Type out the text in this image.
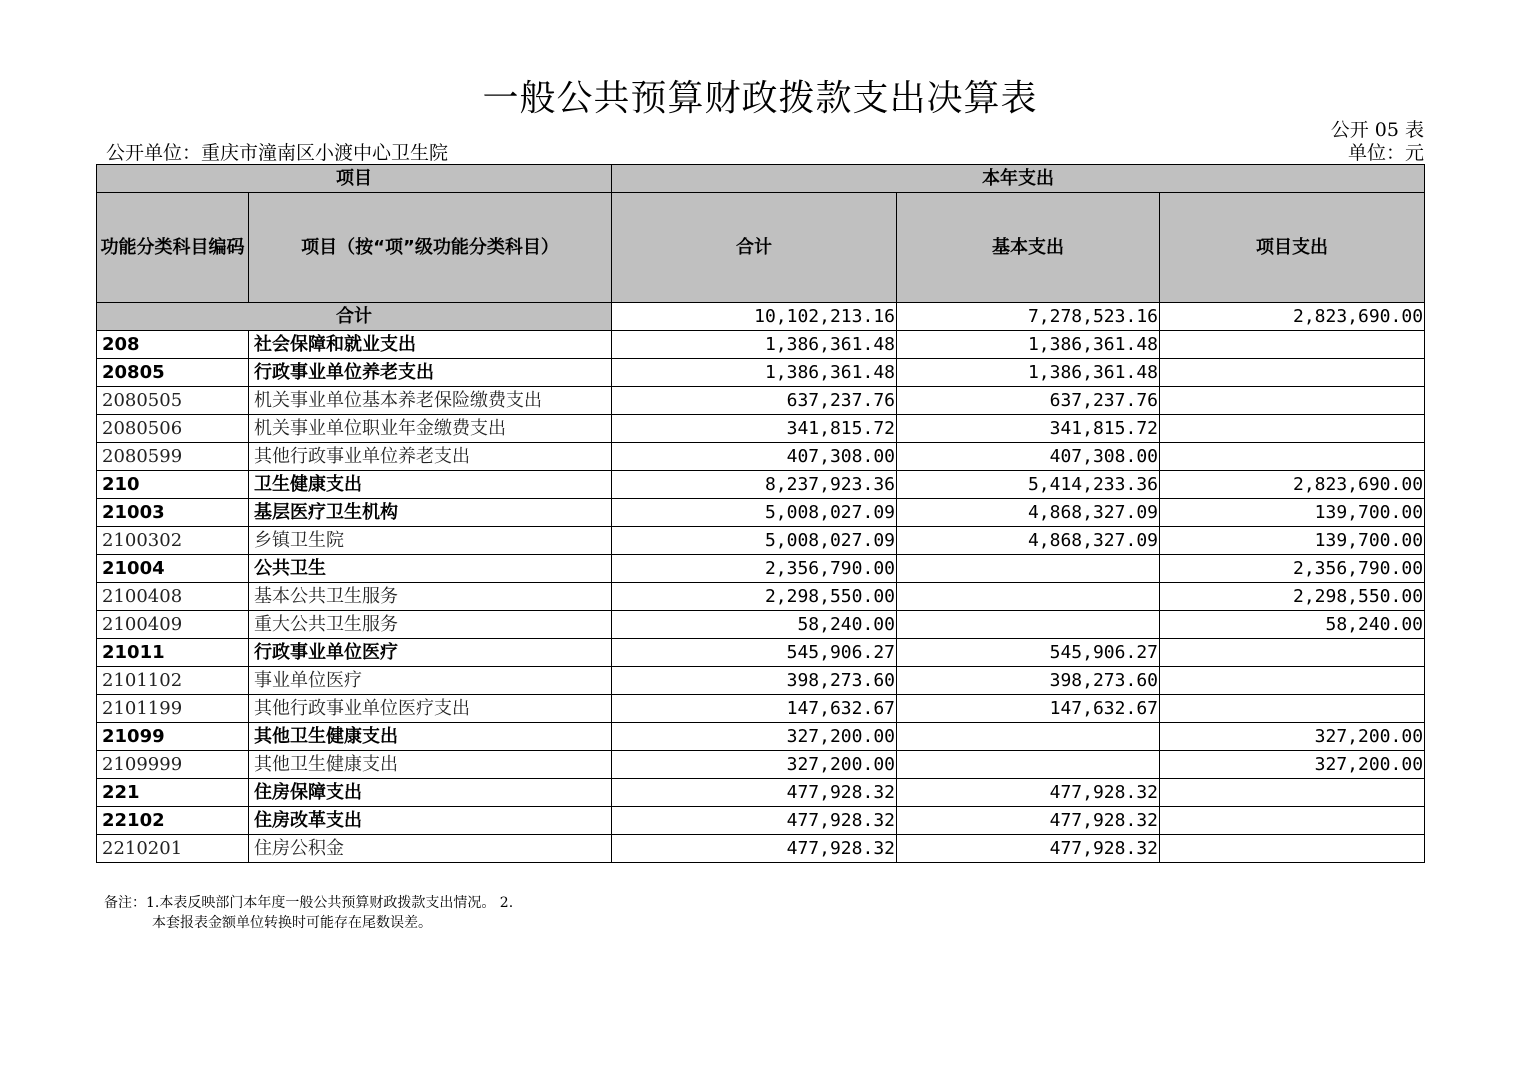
一般公共预算财政拨款支出决算表
公开 05 表
公开单位：重庆市潼南区小渡中心卫生院	单位：元
项目		本年支出		
功能分类科目编码	项目（按“项”级功能分类科目）	合计	基本支出	项目支出
合计		10,102,213.16	7,278,523.16	2,823,690.00
208	社会保障和就业支出	1,386,361.48	1,386,361.48	
20805	行政事业单位养老支出	1,386,361.48	1,386,361.48	
2080505	机关事业单位基本养老保险缴费支出	637,237.76	637,237.76	
2080506	机关事业单位职业年金缴费支出	341,815.72	341,815.72	
2080599	其他行政事业单位养老支出	407,308.00	407,308.00	
210	卫生健康支出	8,237,923.36	5,414,233.36	2,823,690.00
21003	基层医疗卫生机构	5,008,027.09	4,868,327.09	139,700.00
2100302	乡镇卫生院	5,008,027.09	4,868,327.09	139,700.00
21004	公共卫生	2,356,790.00		2,356,790.00
2100408	基本公共卫生服务	2,298,550.00		2,298,550.00
2100409	重大公共卫生服务	58,240.00		58,240.00
21011	行政事业单位医疗	545,906.27	545,906.27	
2101102	事业单位医疗	398,273.60	398,273.60	
2101199	其他行政事业单位医疗支出	147,632.67	147,632.67	
21099	其他卫生健康支出	327,200.00		327,200.00
2109999	其他卫生健康支出	327,200.00		327,200.00
221	住房保障支出	477,928.32	477,928.32	
22102	住房改革支出	477,928.32	477,928.32	
2210201	住房公积金	477,928.32	477,928.32	
备注：1.本表反映部门本年度一般公共预算财政拨款支出情况。 2.
本套报表金额单位转换时可能存在尾数误差。
